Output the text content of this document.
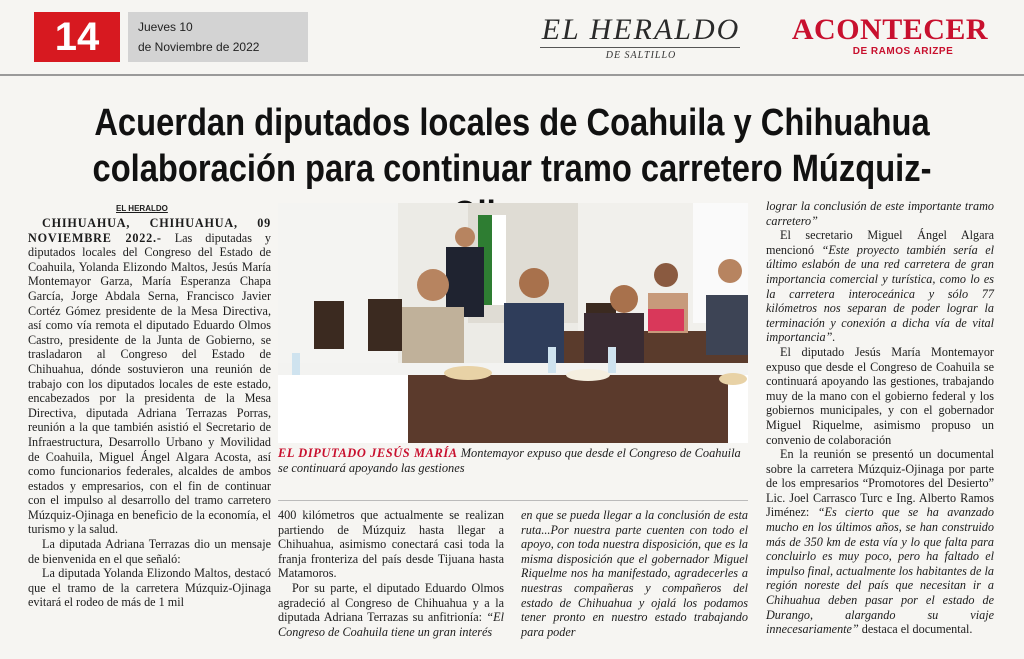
14	Jueves 10
de Noviembre de 2022
EL HERALDO
DE SALTILLO
ACONTECER
DE RAMOS ARIZPE
Acuerdan diputados locales de Coahuila y Chihuahua
colaboración para continuar tramo carretero Múzquiz-
EL HERALDO

CHIHUAHUA, CHIHUAHUA, 09 NOVIEMBRE 2022.- Las diputadas y diputados locales del Congreso del Estado de Coahuila, Yolanda Elizondo Maltos, Jesús María Montemayor Garza, María Esperanza Chapa García, Jorge Abdala Serna, Francisco Javier Cortéz Gómez presidente de la Mesa Directiva, así como vía remota el diputado Eduardo Olmos Castro, presidente de la Junta de Gobierno, se trasladaron al Congreso del Estado de Chihuahua, dónde sostuvieron una reunión de trabajo con los diputados locales de este estado, encabezados por la presidenta de la Mesa Directiva, diputada Adriana Terrazas Porras, reunión a la que también asistió el Secretario de Infraestructura, Desarrollo Urbano y Movilidad de Coahuila, Miguel Ángel Algara Acosta, así como funcionarios federales, alcaldes de ambos estados y empresarios, con el fin de continuar con el impulso al desarrollo del tramo carretero Múzquiz-Ojinaga en beneficio de la economía, el turismo y la salud.

La diputada Adriana Terrazas dio un mensaje de bienvenida en el que señaló:

La diputada Yolanda Elizondo Maltos, destacó que el tramo de la carretera Múzquiz-Ojinaga evitará el rodeo de más de 1 mil

EL DIPUTADO JESÚS MARÍA Montemayor expuso que desde el Congreso de Coahuila se continuará apoyando las gestiones

400 kilómetros que actualmente se realizan partiendo de Múzquiz hasta llegar a Chihuahua, asimismo conectará casi toda la franja fronteriza del país desde Tijuana hasta Matamoros.

Por su parte, el diputado Eduardo Olmos agradeció al Congreso de Chihuahua y a la diputada Adriana Terrazas su anfitrionía: “El Congreso de Coahuila tiene un gran interés

en que se pueda llegar a la conclusión de esta ruta...Por nuestra parte cuenten con todo el apoyo, con toda nuestra disposición, que es la misma disposición que el gobernador Miguel Riquelme nos ha manifestado, agradecerles a nuestras compañeras y compañeros del estado de Chihuahua y ojalá los podamos tener pronto en nuestro estado trabajando para poder

lograr la conclusión de este importante tramo carretero”

El secretario Miguel Ángel Algara mencionó “Este proyecto también sería el último eslabón de una red carretera de gran importancia comercial y turística, como lo es la carretera interoceánica y sólo 77 kilómetros nos separan de poder lograr la terminación y conexión a dicha vía de vital importancia”.

El diputado Jesús María Montemayor expuso que desde el Congreso de Coahuila se continuará apoyando las gestiones, trabajando muy de la mano con el gobierno federal y los gobiernos municipales, y con el gobernador Miguel Riquelme, asimismo propuso un convenio de colaboración

En la reunión se presentó un documental sobre la carretera Múzquiz-Ojinaga por parte de los empresarios “Promotores del Desierto” Lic. Joel Carrasco Turc e Ing. Alberto Ramos Jiménez: “Es cierto que se ha avanzado mucho en los últimos años, se han construido más de 350 km de esta vía y lo que falta para concluirlo es muy poco, pero ha faltado el impulso final, actualmente los habitantes de la región noreste del país que necesitan ir a Chihuahua deben pasar por el estado de Durango, alargando su viaje innecesariamente” destaca el documental.
